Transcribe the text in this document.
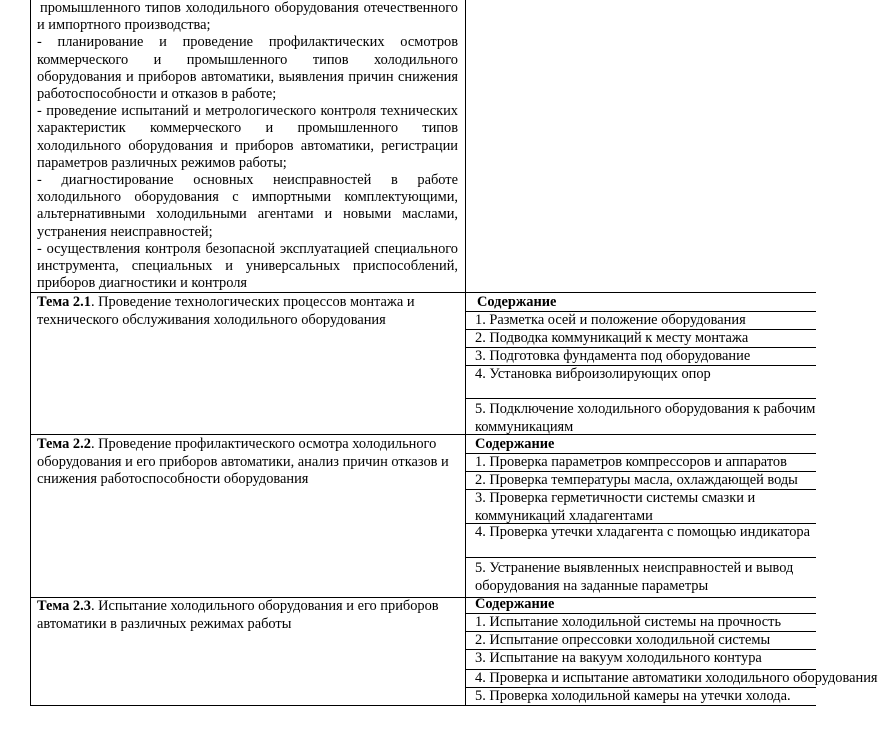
промышленного типов холодильного оборудования отечественного и импортного производства;

- планирование и проведение профилактических осмотров коммерческого и промышленного типов холодильного оборудования и приборов автоматики, выявления причин снижения работоспособности и отказов в работе;

- проведение испытаний и метрологического контроля технических характеристик коммерческого и промышленного типов холодильного оборудования и приборов автоматики, регистрации параметров различных режимов работы;

- диагностирование основных неисправностей в работе холодильного оборудования с импортными комплектующими, альтернативными холодильными агентами и новыми маслами, устранения неисправностей;

- осуществления контроля безопасной эксплуатацией специального инструмента, специальных и универсальных приспособлений, приборов диагностики и контроля

Тема 2.1. Проведение технологических процессов монтажа и технического обслуживания холодильного оборудования
Содержание
1. Разметка осей и положение оборудования
2. Подводка коммуникаций к месту монтажа
3. Подготовка фундамента под оборудование
4. Установка виброизолирующих опор
5. Подключение холодильного оборудования к рабочим коммуникациям
Тема 2.2. Проведение профилактического осмотра холодильного оборудования и его приборов автоматики, анализ причин отказов и снижения работоспособности оборудования
Содержание
1. Проверка параметров компрессоров и аппаратов
2. Проверка температуры масла, охлаждающей воды
3. Проверка герметичности системы смазки и коммуникаций хладагентами
4. Проверка утечки хладагента с помощью индикатора
5. Устранение выявленных неисправностей и вывод оборудования на заданные параметры
Тема 2.3. Испытание холодильного оборудования и его приборов автоматики в различных режимах работы
Содержание
1. Испытание холодильной системы на прочность
2. Испытание опрессовки холодильной системы
3. Испытание на вакуум холодильного контура
4. Проверка и испытание автоматики холодильного оборудования
5. Проверка холодильной камеры на утечки холода.
